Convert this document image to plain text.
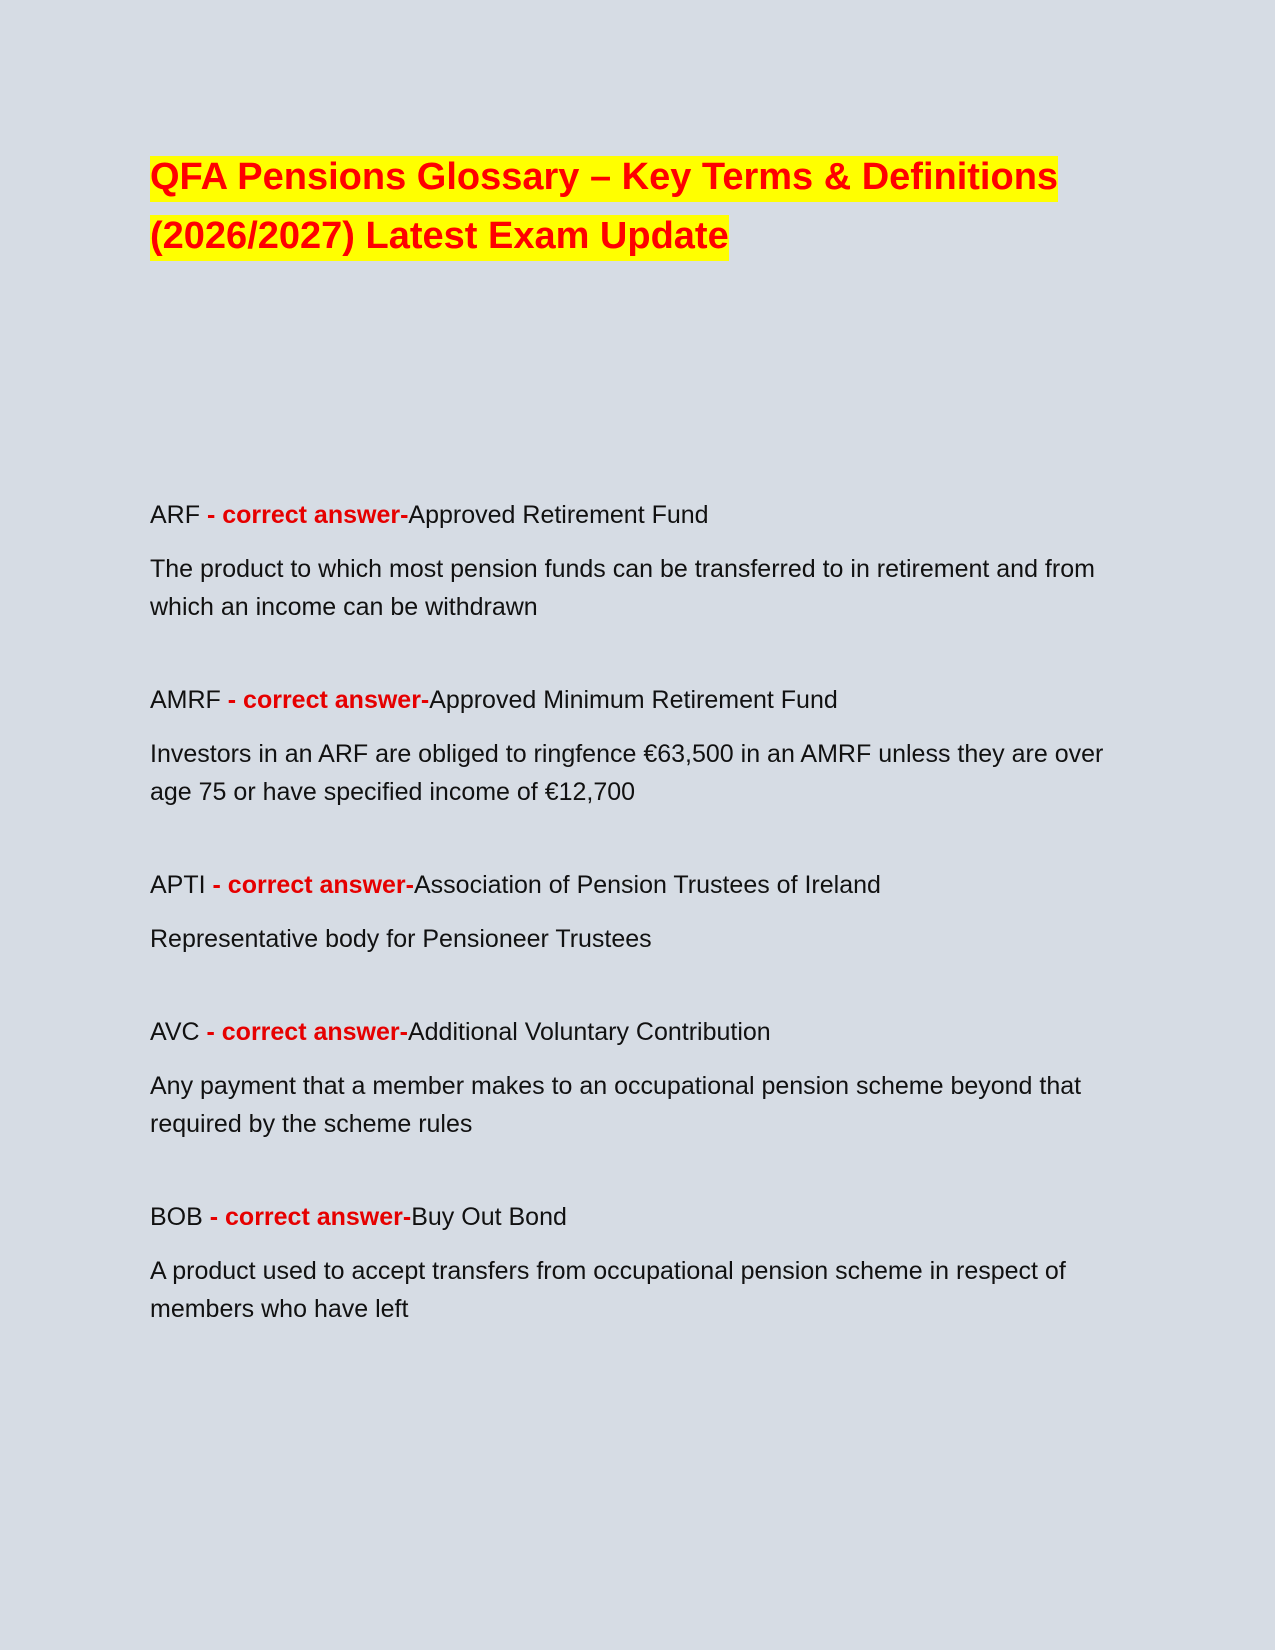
QFA Pensions Glossary – Key Terms & Definitions
(2026/2027) Latest Exam Update

ARF - correct answer-Approved Retirement Fund

The product to which most pension funds can be transferred to in retirement and from which an income can be withdrawn

AMRF - correct answer-Approved Minimum Retirement Fund

Investors in an ARF are obliged to ringfence €63,500 in an AMRF unless they are over age 75 or have specified income of €12,700

APTI - correct answer-Association of Pension Trustees of Ireland

Representative body for Pensioneer Trustees

AVC - correct answer-Additional Voluntary Contribution

Any payment that a member makes to an occupational pension scheme beyond that required by the scheme rules

BOB - correct answer-Buy Out Bond

A product used to accept transfers from occupational pension scheme in respect of members who have left
